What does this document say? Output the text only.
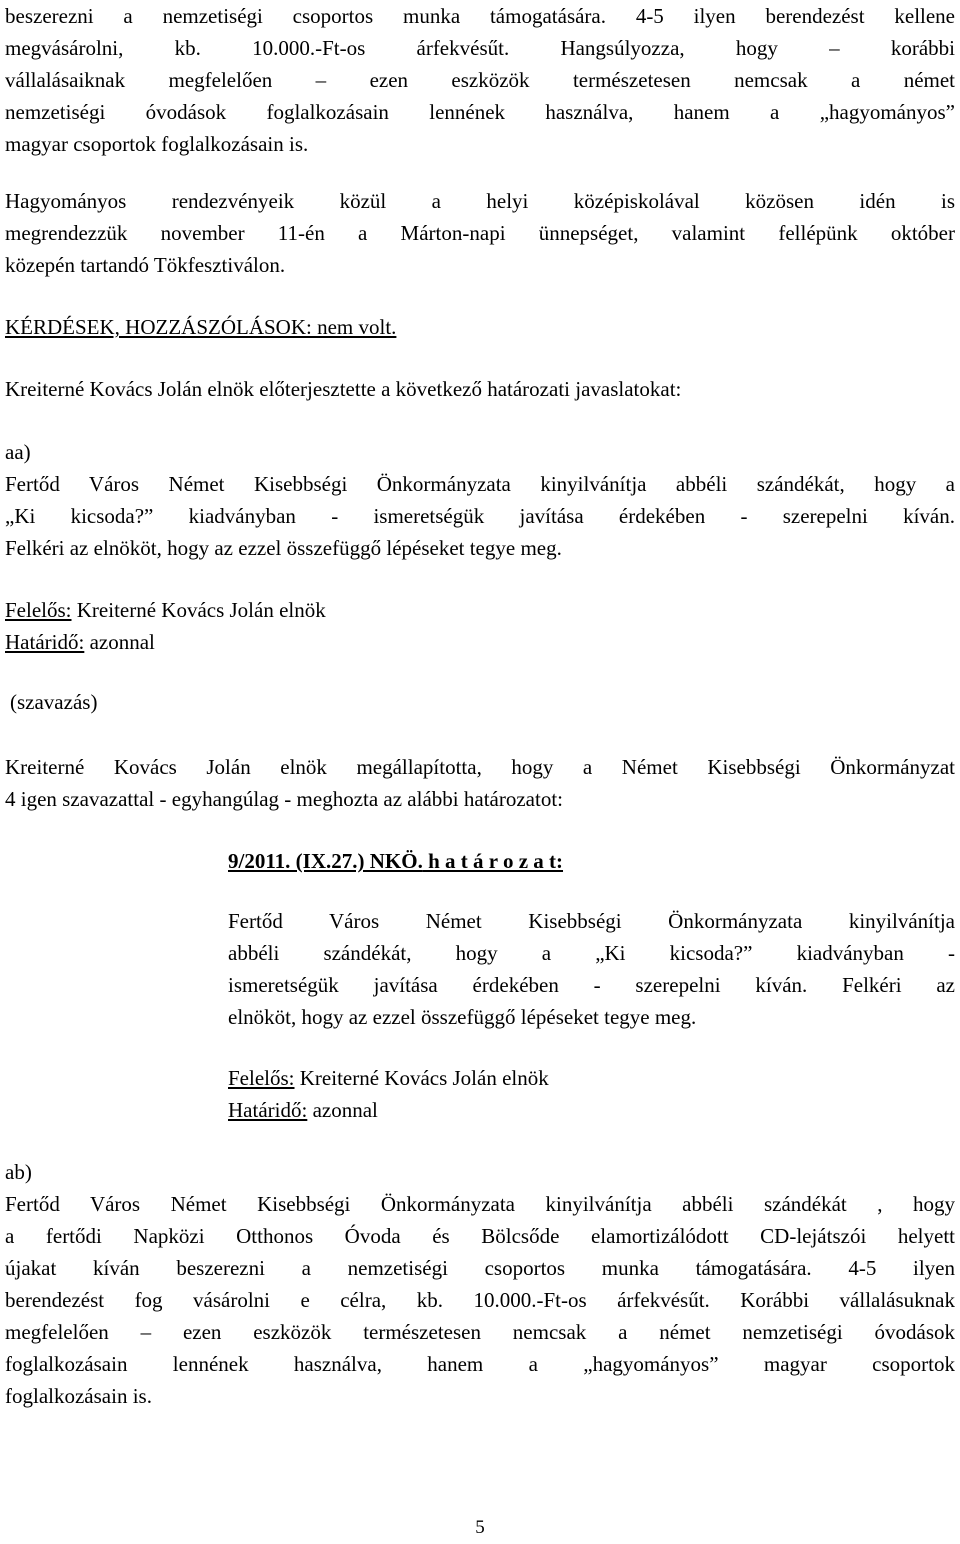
beszerezni a nemzetiségi csoportos munka támogatására. 4-5 ilyen berendezést kellene
megvásárolni, kb. 10.000.-Ft-os árfekvésűt. Hangsúlyozza, hogy – korábbi
vállalásaiknak megfelelően – ezen eszközök természetesen nemcsak a német
nemzetiségi óvodások foglalkozásain lennének használva, hanem a „hagyományos”
magyar csoportok foglalkozásain is.
Hagyományos rendezvényeik közül a helyi középiskolával közösen idén is
megrendezzük november 11-én a Márton-napi ünnepséget, valamint fellépünk október
közepén tartandó Tökfesztiválon.
KÉRDÉSEK, HOZZÁSZÓLÁSOK: nem volt.
Kreiterné Kovács Jolán elnök előterjesztette a következő határozati javaslatokat:
aa)
Fertőd Város Német Kisebbségi Önkormányzata kinyilvánítja abbéli szándékát, hogy a
„Ki kicsoda?” kiadványban - ismeretségük javítása érdekében - szerepelni kíván.
Felkéri az elnököt, hogy az ezzel összefüggő lépéseket tegye meg.
Felelős: Kreiterné Kovács Jolán elnök
Határidő: azonnal
(szavazás)
Kreiterné Kovács Jolán elnök megállapította, hogy a Német Kisebbségi Önkormányzat
4 igen szavazattal - egyhangúlag - meghozta az alábbi határozatot:
9/2011. (IX.27.) NKÖ. h a t á r o z a t:
Fertőd Város Német Kisebbségi Önkormányzata kinyilvánítja
abbéli szándékát, hogy a „Ki kicsoda?” kiadványban -
ismeretségük javítása érdekében - szerepelni kíván. Felkéri az
elnököt, hogy az ezzel összefüggő lépéseket tegye meg.
Felelős: Kreiterné Kovács Jolán elnök
Határidő: azonnal
ab)
Fertőd Város Német Kisebbségi Önkormányzata kinyilvánítja abbéli szándékát , hogy
a fertődi Napközi Otthonos Óvoda és Bölcsőde elamortizálódott CD-lejátszói helyett
újakat kíván beszerezni a nemzetiségi csoportos munka támogatására. 4-5 ilyen
berendezést fog vásárolni e célra, kb. 10.000.-Ft-os árfekvésűt. Korábbi vállalásuknak
megfelelően – ezen eszközök természetesen nemcsak a német nemzetiségi óvodások
foglalkozásain lennének használva, hanem a „hagyományos” magyar csoportok
foglalkozásain is.
5
